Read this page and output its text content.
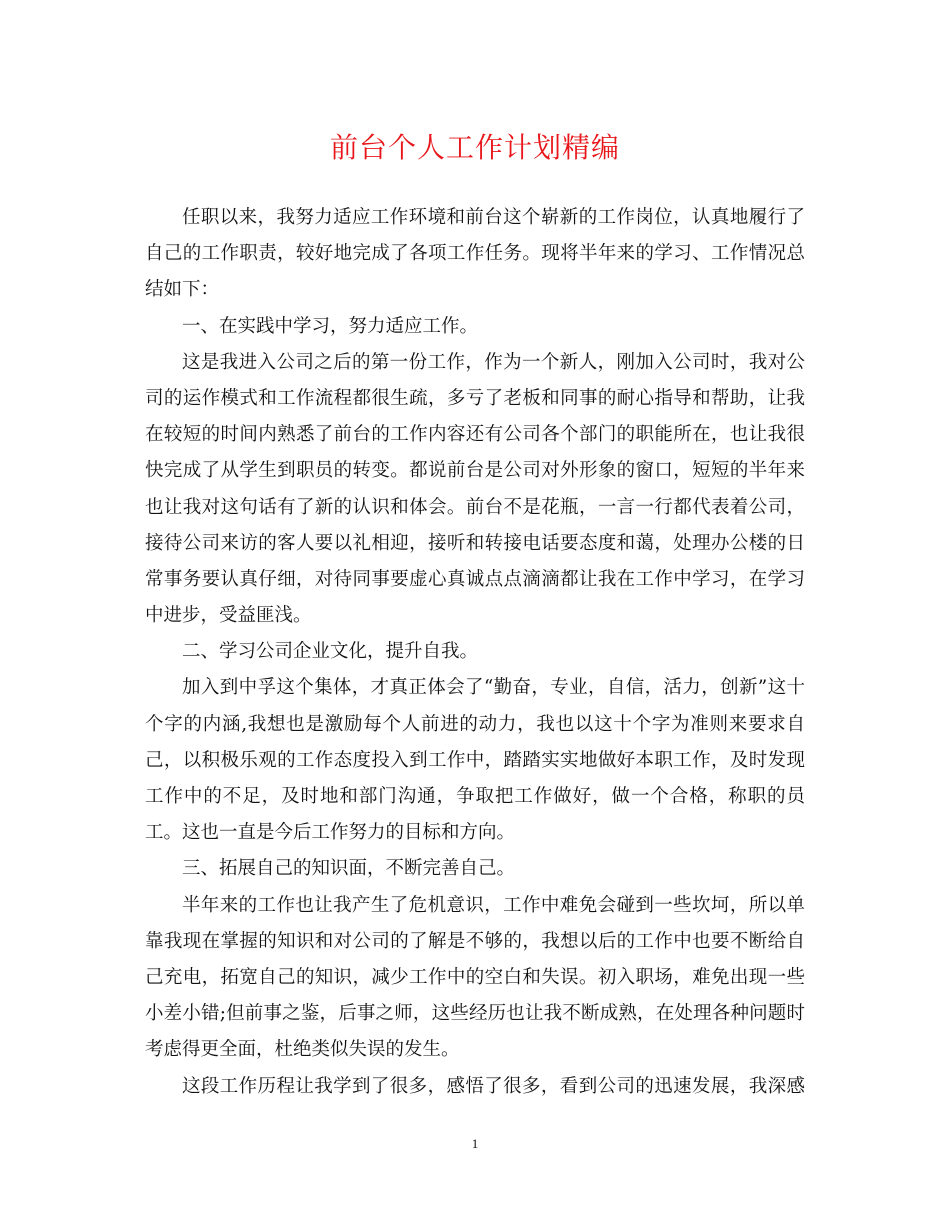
前台个人工作计划精编
任职以来，我努力适应工作环境和前台这个崭新的工作岗位，认真地履行了
自己的工作职责，较好地完成了各项工作任务。现将半年来的学习、工作情况总
结如下：
一、在实践中学习，努力适应工作。
这是我进入公司之后的第一份工作，作为一个新人，刚加入公司时，我对公
司的运作模式和工作流程都很生疏，多亏了老板和同事的耐心指导和帮助，让我
在较短的时间内熟悉了前台的工作内容还有公司各个部门的职能所在，也让我很
快完成了从学生到职员的转变。都说前台是公司对外形象的窗口，短短的半年来
也让我对这句话有了新的认识和体会。前台不是花瓶，一言一行都代表着公司，
接待公司来访的客人要以礼相迎，接听和转接电话要态度和蔼，处理办公楼的日
常事务要认真仔细，对待同事要虚心真诚点点滴滴都让我在工作中学习，在学习
中进步，受益匪浅。
二、学习公司企业文化，提升自我。
加入到中孚这个集体，才真正体会了“勤奋，专业，自信，活力，创新”这十
个字的内涵,我想也是激励每个人前进的动力，我也以这十个字为准则来要求自
己，以积极乐观的工作态度投入到工作中，踏踏实实地做好本职工作，及时发现
工作中的不足，及时地和部门沟通，争取把工作做好，做一个合格，称职的员
工。这也一直是今后工作努力的目标和方向。
三、拓展自己的知识面，不断完善自己。
半年来的工作也让我产生了危机意识，工作中难免会碰到一些坎坷，所以单
靠我现在掌握的知识和对公司的了解是不够的，我想以后的工作中也要不断给自
己充电，拓宽自己的知识，减少工作中的空白和失误。初入职场，难免出现一些
小差小错;但前事之鉴，后事之师，这些经历也让我不断成熟，在处理各种问题时
考虑得更全面，杜绝类似失误的发生。
这段工作历程让我学到了很多，感悟了很多，看到公司的迅速发展，我深感
1
